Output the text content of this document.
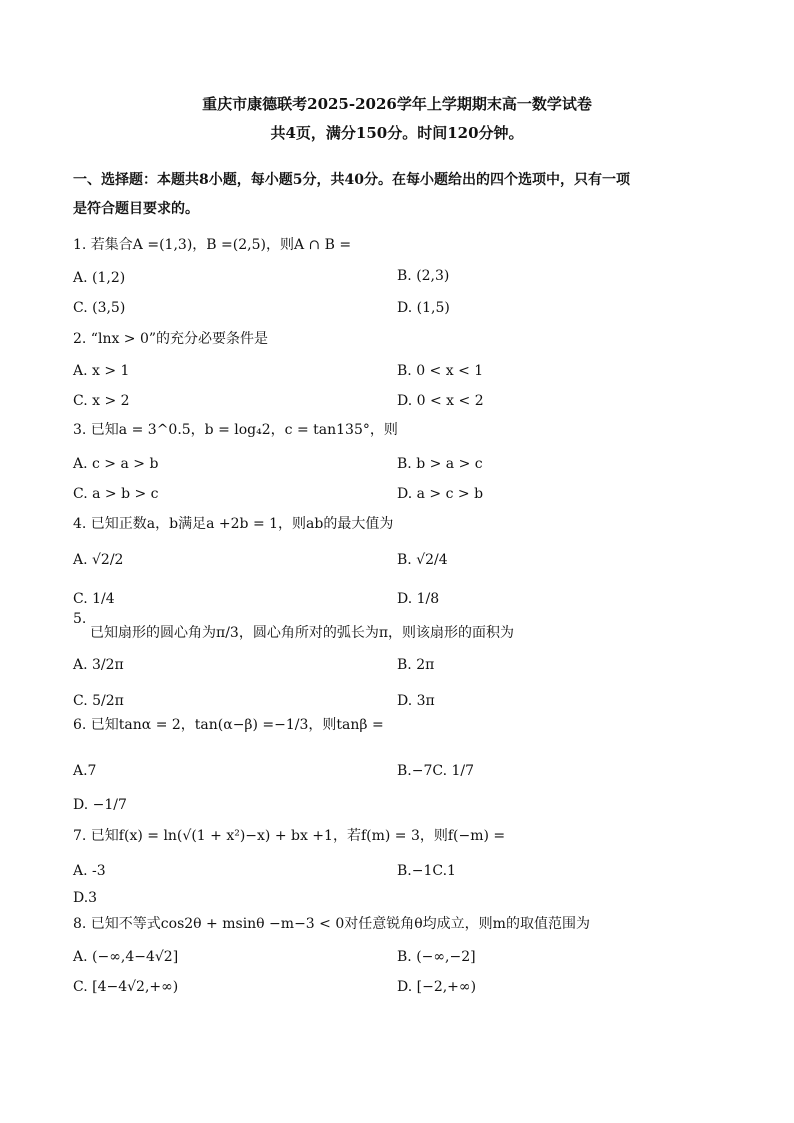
重庆市康德联考2025-2026学年上学期期末高一数学试卷
共4页，满分150分。时间120分钟。
一、选择题：本题共8小题，每小题5分，共40分。在每小题给出的四个选项中，只有一项
是符合题目要求的。
1. 若集合A =(1,3)，B =(2,5)，则A ∩ B =
A. (1,2)	B. (2,3)
C. (3,5)	D. (1,5)
2. “lnx > 0”的充分必要条件是
A. x > 1	B. 0 < x < 1
C. x > 2	D. 0 < x < 2
3. 已知a = 3^0.5，b = log₄2，c = tan135°，则
A. c > a > b	B. b > a > c
C. a > b > c	D. a > c > b
4. 已知正数a，b满足a +2b = 1，则ab的最大值为
A. √2/2	B. √2/4
C. 1/4	D. 1/8
5.
已知扇形的圆心角为π/3，圆心角所对的弧长为π，则该扇形的面积为
A. 3/2π	B. 2π
C. 5/2π	D. 3π
6. 已知tanα = 2，tan(α−β) =−1/3，则tanβ =
A.7	B.−7C. 1/7
D. −1/7
7. 已知f(x) = ln(√(1 + x²)−x) + bx +1，若f(m) = 3，则f(−m) =
A. -3	B.−1C.1
D.3
8. 已知不等式cos2θ + msinθ −m−3 < 0对任意锐角θ均成立，则m的取值范围为
A. (−∞,4−4√2]	B. (−∞,−2]
C. [4−4√2,+∞)	D. [−2,+∞)
